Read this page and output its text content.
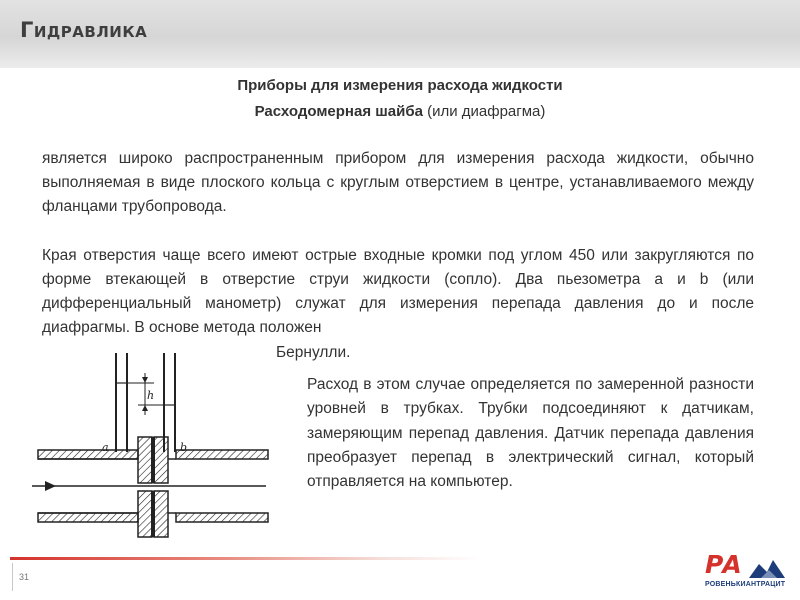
Гидравлика
Приборы для измерения расхода жидкости
Расходомерная шайба (или диафрагма)
является широко распространенным прибором для измерения расхода жидкости, обычно выполняемая в виде плоского кольца с круглым отверстием в центре, устанавливаемого между фланцами трубопровода.
Края отверстия чаще всего имеют острые входные кромки под углом 450 или закругляются по форме втекающей в отверстие струи жидкости (сопло). Два пьезометра a и b (или дифференциальный манометр) служат для измерения перепада давления до и после диафрагмы. В основе метода положен
h
a	b
Бернулли.
Расход в этом случае определяется по замеренной разности уровней в трубках. Трубки подсоединяют к датчикам, замеряющим перепад давления. Датчик перепада давления преобразует перепад в электрический сигнал, который отправляется на компьютер.
31	РА
РОВЕНЬКИАНТРАЦИТ
